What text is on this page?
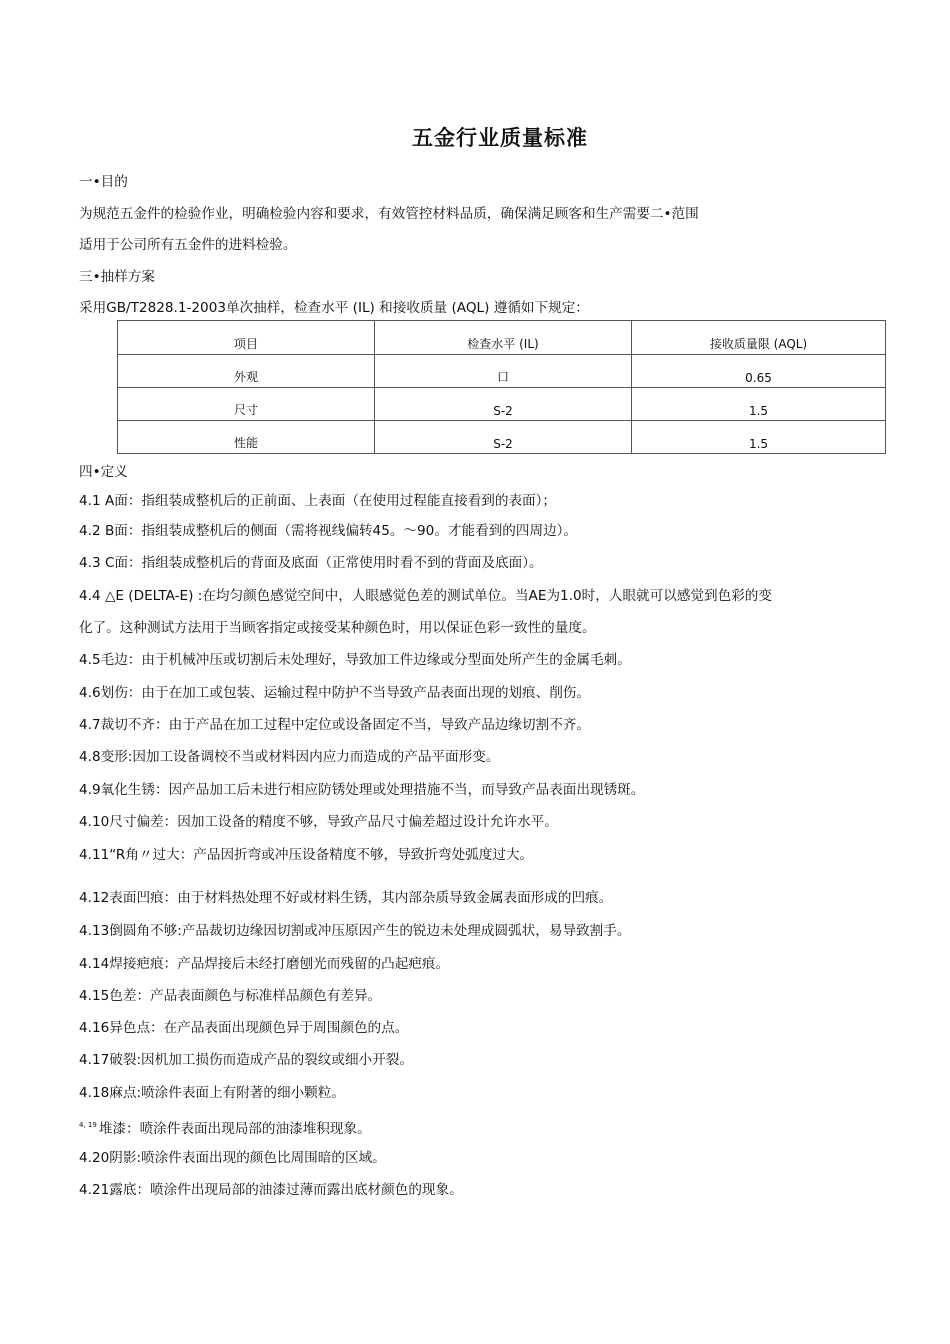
五金行业质量标准
一•目的
为规范五金件的检验作业，明确检验内容和要求，有效管控材料品质，确保满足顾客和生产需要二•范围
适用于公司所有五金件的进料检验。
三•抽样方案
采用GB/T2828.1-2003单次抽样，检查水平 (IL) 和接收质量 (AQL) 遵循如下规定：
项目	检查水平 (IL)	接收质量限 (AQL)
外观	口	0.65
尺寸	S-2	1.5
性能	S-2	1.5
四•定义
4.1 A面：指组装成整机后的正前面、上表面（在使用过程能直接看到的表面）；
4.2 B面：指组装成整机后的侧面（需将视线偏转45。〜90。才能看到的四周边）。
4.3 C面：指组装成整机后的背面及底面（正常使用时看不到的背面及底面）。
4.4 △E (DELTA-E) :在均匀颜色感觉空间中，人眼感觉色差的测试单位。当AE为1.0时，人眼就可以感觉到色彩的变
化了。这种测试方法用于当顾客指定或接受某种颜色时，用以保证色彩一致性的量度。
4.5毛边：由于机械冲压或切割后未处理好，导致加工件边缘或分型面处所产生的金属毛刺。
4.6划伤：由于在加工或包装、运输过程中防护不当导致产品表面出现的划痕、削伤。
4.7裁切不齐：由于产品在加工过程中定位或设备固定不当，导致产品边缘切割不齐。
4.8变形:因加工设备调校不当或材料因内应力而造成的产品平面形变。
4.9氧化生锈：因产品加工后未进行相应防锈处理或处理措施不当，而导致产品表面出现锈斑。
4.10尺寸偏差：因加工设备的精度不够，导致产品尺寸偏差超过设计允许水平。
4.11“R角〃过大：产品因折弯或冲压设备精度不够，导致折弯处弧度过大。
4.12表面凹痕：由于材料热处理不好或材料生锈，其内部杂质导致金属表面形成的凹痕。
4.13倒圆角不够:产品裁切边缘因切割或冲压原因产生的锐边未处理成圆弧状，易导致割手。
4.14焊接疤痕：产品焊接后未经打磨刨光而残留的凸起疤痕。
4.15色差：产品表面颜色与标准样品颜色有差异。
4.16异色点：在产品表面出现颜色异于周围颜色的点。
4.17破裂:因机加工损伤而造成产品的裂纹或细小开裂。
4.18麻点:喷涂件表面上有附著的细小颗粒。
$^{4, 19}$ 堆漆：喷涂件表面出现局部的油漆堆积现象。
4.20阴影:喷涂件表面出现的颜色比周围暗的区域。
4.21露底：喷涂件出现局部的油漆过薄而露出底材颜色的现象。
